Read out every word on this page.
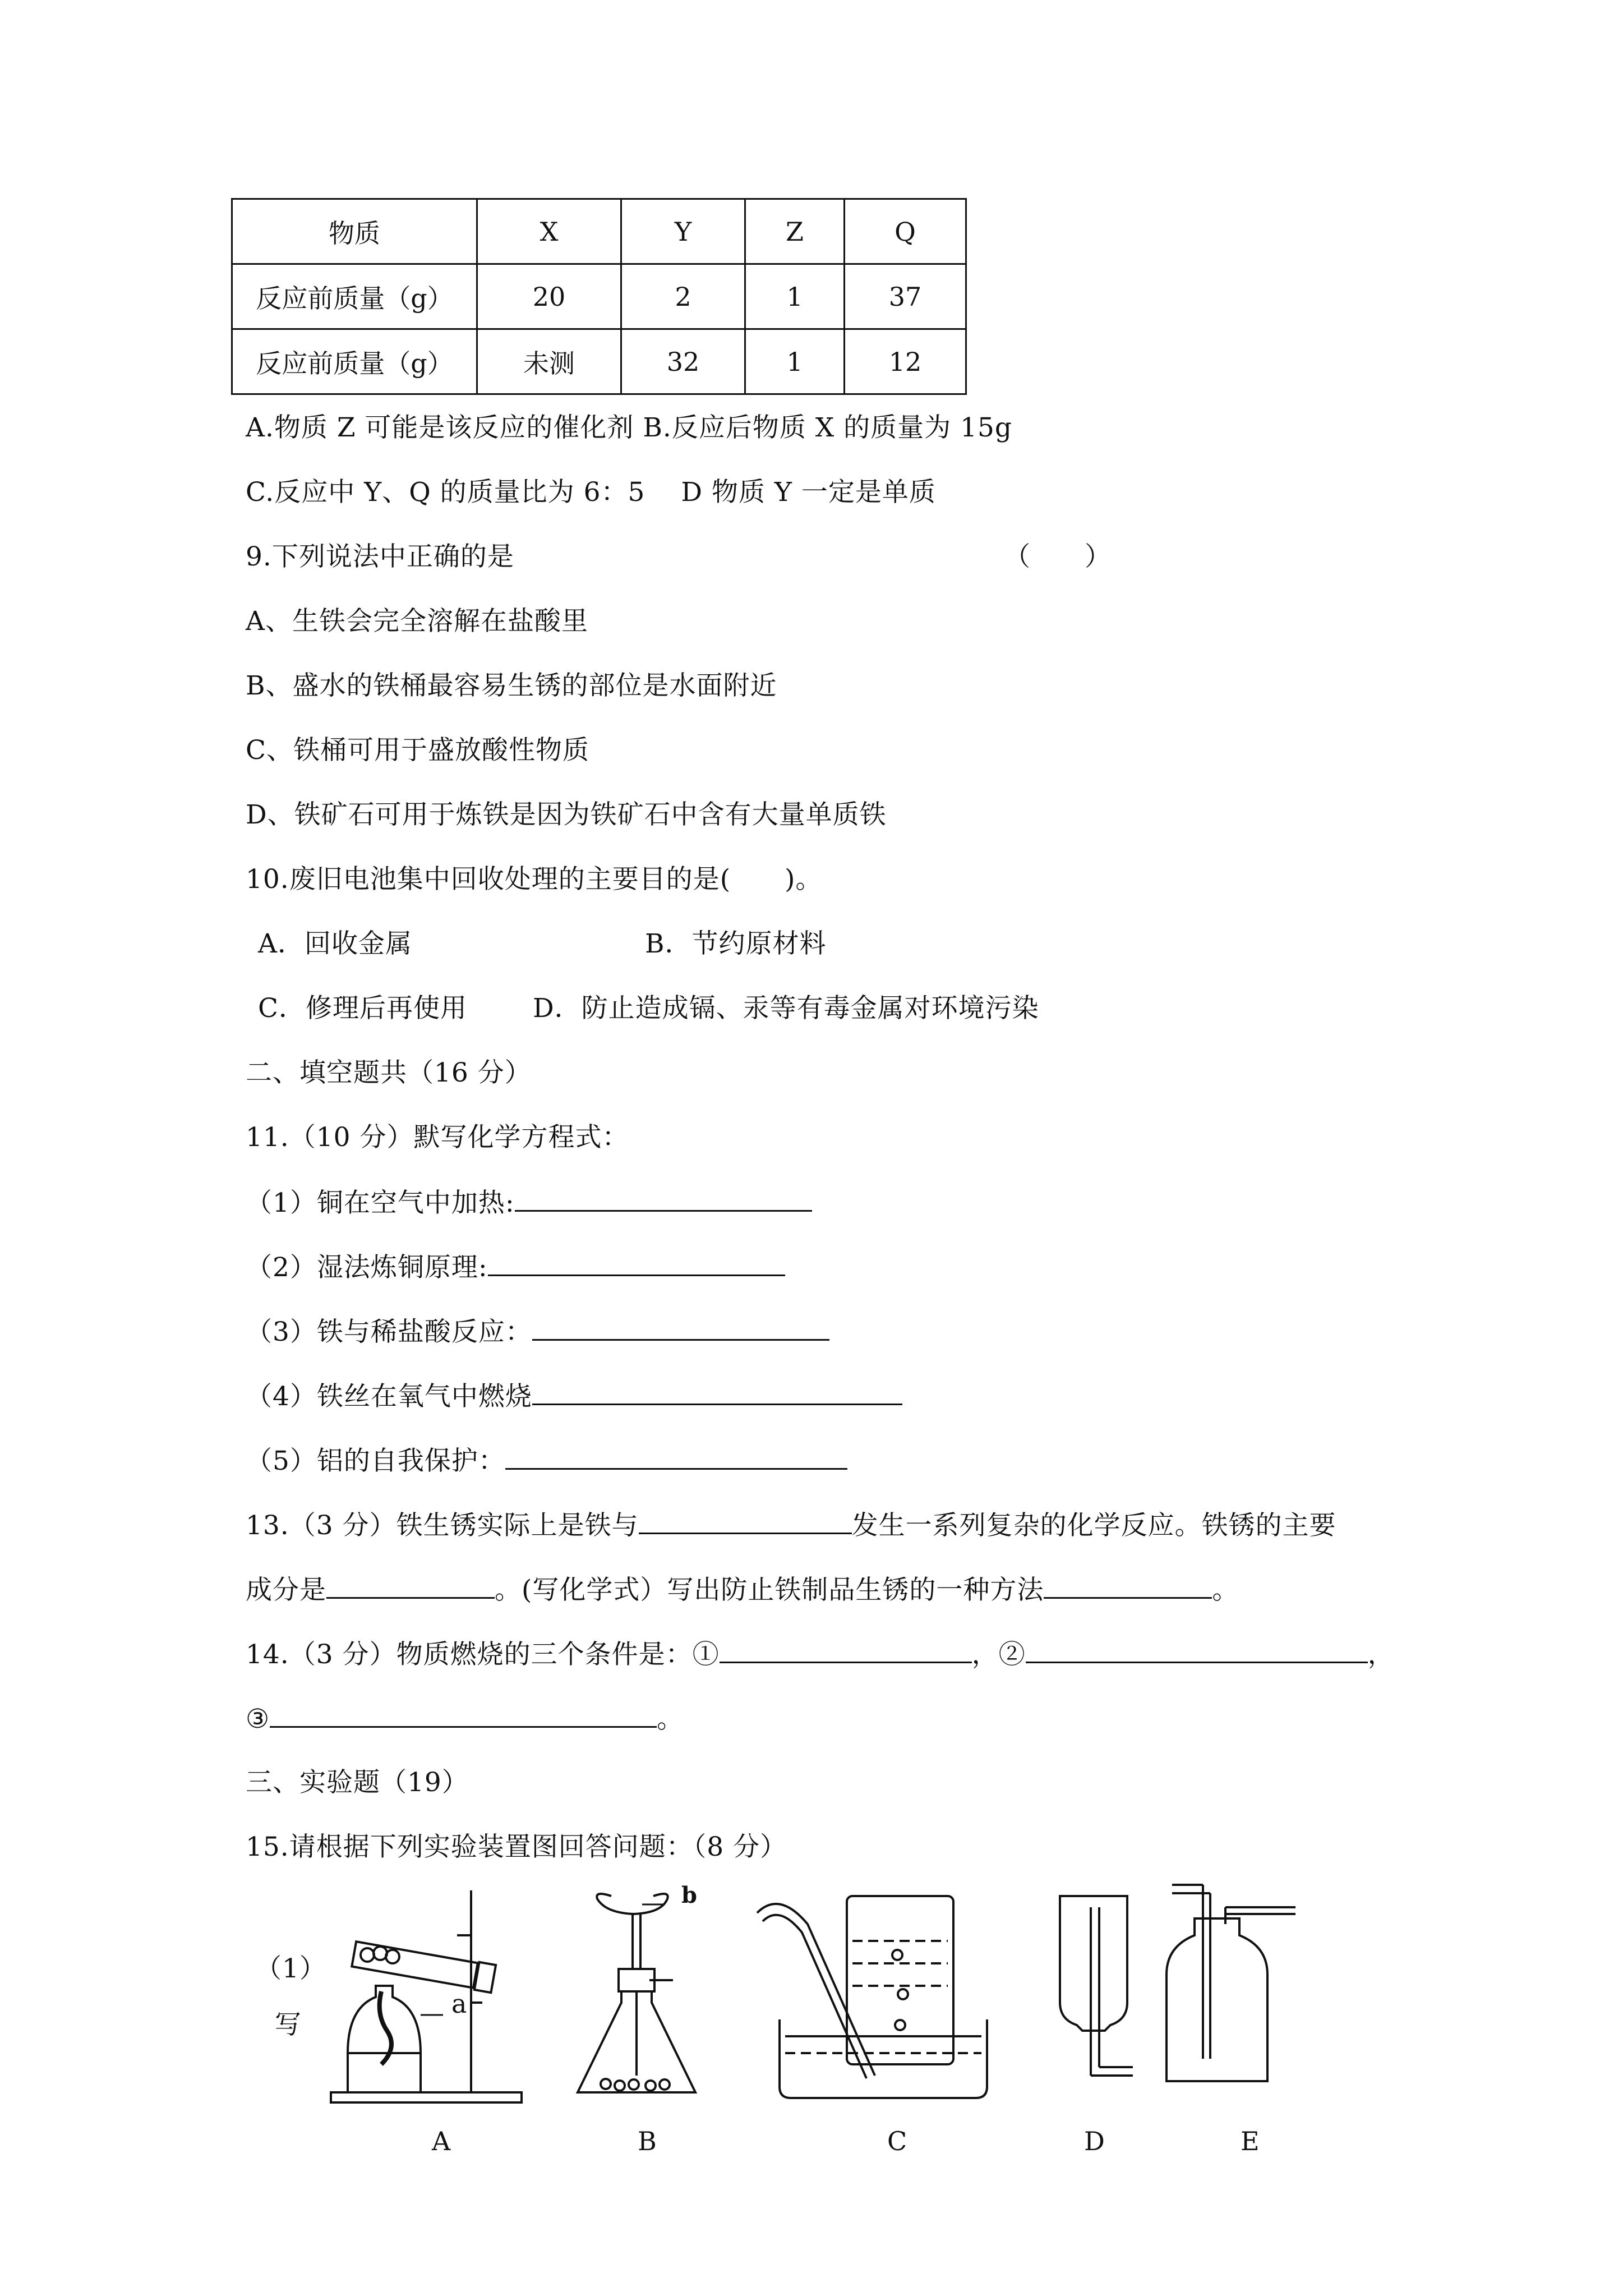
物质	X	Y	Z	Q
反应前质量（g）	20	2	1	37
反应前质量（g）	未测	32	1	12
A.物质 Z 可能是该反应的催化剂 B.反应后物质 X 的质量为 15g
C.反应中 Y、Q 的质量比为 6：5　 D 物质 Y 一定是单质
9.下列说法中正确的是	（　　）
A、生铁会完全溶解在盐酸里
B、盛水的铁桶最容易生锈的部位是水面附近
C、铁桶可用于盛放酸性物质
D、铁矿石可用于炼铁是因为铁矿石中含有大量单质铁
10.废旧电池集中回收处理的主要目的是(　　)。
A．回收金属	B．节约原材料
C．修理后再使用 D．防止造成镉、汞等有毒金属对环境污染
二、填空题共（16 分）
11.（10 分）默写化学方程式：
（1）铜在空气中加热:
（2）湿法炼铜原理:
（3）铁与稀盐酸反应：
（4）铁丝在氧气中燃烧
（5）铝的自我保护：
13.（3 分）铁生锈实际上是铁与	发生一系列复杂的化学反应。铁锈的主要
成分是	。(写化学式）写出防止铁制品生锈的一种方法	。
14.（3 分）物质燃烧的三个条件是：①	，②	，
③	。
三、实验题（19）
15.请根据下列实验装置图回答问题：（8 分）
（1）
写
a
b
A	B	C	D	E
